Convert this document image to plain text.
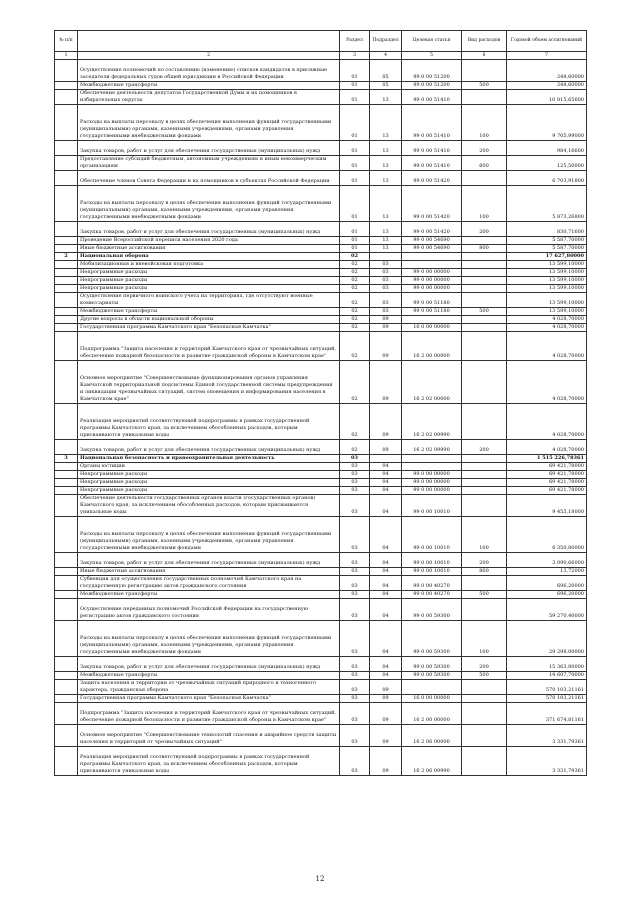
№ п/п		Раздел	Подраздел	Целевая статья	Вид расходов	Годовой объем ассигнований
1	2	3	4	5	6	7
	Осуществление полномочий по составлению (изменению) списков кандидатов в присяжные заседатели федеральных судов общей юрисдикции в Российской Федерации	01	05	99 0 00 51200		248,60000
	Межбюджетные трансферты	01	05	99 0 00 51200	500	248,60000
	Обеспечение деятельности депутатов Государственной Думы и их помощников в избирательных округах	01	13	99 0 00 51410		10 815,65600
	Расходы на выплаты персоналу в целях обеспечения выполнения функций государственными (муниципальными) органами, казенными учреждениями, органами управления государственными внебюджетными фондами	01	13	99 0 00 51410	100	9 705,99000
	Закупка товаров, работ и услуг для обеспечения государственных (муниципальных) нужд	01	13	99 0 00 51410	200	984,16600
	Предоставление субсидий бюджетным, автономным учреждениям и иным некоммерческим организациям	01	13	99 0 00 51410	600	125,50000
	Обеспечение членов Совета Федерации и их помощников в субъектах Российской Федерации	01	13	99 0 00 51420		6 703,91800
	Расходы на выплаты персоналу в целях обеспечения выполнения функций государственными (муниципальными) органами, казенными учреждениями, органами управления государственными внебюджетными фондами	01	13	99 0 00 51420	100	5 873,26800
	Закупка товаров, работ и услуг для обеспечения государственных (муниципальных) нужд	01	13	99 0 00 51420	200	830,71600
	Проведение Всероссийской переписи населения 2020 года	01	13	99 0 00 54690		5 587,70000
	Иные бюджетные ассигнования	01	13	99 0 00 54690	800	5 587,70000
2	Национальная оборона	02				17 627,80000
	Мобилизационная и вневойсковая подготовка	02	03			13 599,10000
	Непрограммные расходы	02	03	99 0 00 00000		13 599,10000
	Непрограммные расходы	02	03	99 0 00 00000		13 599,10000
	Непрограммные расходы	02	03	99 0 00 00000		13 599,10000
	Осуществление первичного воинского учета на территориях, где отсутствуют военные комиссариаты	02	03	99 0 00 51180		13 599,10000
	Межбюджетные трансферты	02	03	99 0 00 51180	500	13 599,10000
	Другие вопросы в области национальной обороны	02	09			4 028,70000
	Государственная программа Камчатского края "Безопасная Камчатка"	02	09	16 0 00 00000		4 028,70000
	Подпрограмма "Защита населения и территорий Камчатского края от чрезвычайных ситуаций, обеспечение пожарной безопасности и развитие гражданской обороны в Камчатском крае"	02	09	16 2 00 00000		4 028,70000
	Основное мероприятие "Совершенствование функционирования органов управления Камчатской территориальной подсистемы Единой государственной системы предупреждения и ликвидации чрезвычайных ситуаций, систем оповещения и информирования населения в Камчатском крае"	02	09	16 2 02 00000		4 028,70000
	Реализация мероприятий соответствующей подпрограммы в рамках государственной программы Камчатского края, за исключением обособленных расходов, которым присваиваются уникальные коды	02	09	16 2 02 09990		4 028,70000
	Закупка товаров, работ и услуг для обеспечения государственных (муниципальных) нужд	02	09	16 2 02 09990	200	4 028,70000
3	Национальная безопасность и правоохранительная деятельность	03				1 515 226,78361
	Органы юстиции	03	04			69 421,78000
	Непрограммные расходы	03	04	99 0 00 00000		69 421,78000
	Непрограммные расходы	03	04	99 0 00 00000		69 421,78000
	Непрограммные расходы	03	04	99 0 00 00000		69 421,78000
	Обеспечение деятельности государственных органов власти (государственных органов) Камчатского края, за исключением обособленных расходов, которым присваиваются уникальные коды	03	04	99 0 00 10010		9 455,18000
	Расходы на выплаты персоналу в целях обеспечения выполнения функций государственными (муниципальными) органами, казенными учреждениями, органами управления государственными внебюджетными фондами	03	04	99 0 00 10010	100	6 350,80000
	Закупка товаров, работ и услуг для обеспечения государственных (муниципальных) нужд	03	04	99 0 00 10010	200	3 090,66000
	Иные бюджетные ассигнования	03	04	99 0 00 10010	800	13,72000
	Субвенции для осуществления государственных полномочий Камчатского края на государственную регистрацию актов гражданского состояния	03	04	99 0 00 40270		696,20000
	Межбюджетные трансферты	03	04	99 0 00 40270	500	696,20000
	Осуществление переданных полномочий Российской Федерации на государственную регистрацию актов гражданского состояния	03	04	99 0 00 59300		59 270,40000
	Расходы на выплаты персоналу в целях обеспечения выполнения функций государственными (муниципальными) органами, казенными учреждениями, органами управления государственными внебюджетными фондами	03	04	99 0 00 59300	100	29 298,00000
	Закупка товаров, работ и услуг для обеспечения государственных (муниципальных) нужд	03	04	99 0 00 59300	200	15 363,80000
	Межбюджетные трансферты	03	04	99 0 00 59300	500	14 607,70000
	Защита населения и территории от чрезвычайных ситуаций природного и техногенного характера, гражданская оборона	03	09			570 103,21161
	Государственная программа Камчатского края "Безопасная Камчатка"	03	09	16 0 00 00000		570 103,21161
	Подпрограмма "Защита населения и территорий Камчатского края от чрезвычайных ситуаций, обеспечение пожарной безопасности и развитие гражданской обороны в Камчатском крае"	03	09	16 2 00 00000		371 674,81161
	Основное мероприятие "Совершенствование технологий спасения и аварийное средств защиты населения и территорий от чрезвычайных ситуаций"	03	09	16 2 06 00000		3 331,79361
	Реализация мероприятий соответствующей подпрограммы в рамках государственной программы Камчатского края, за исключением обособленных расходов, которым присваиваются уникальные коды	03	09	16 2 06 09990		3 331,79361
12
